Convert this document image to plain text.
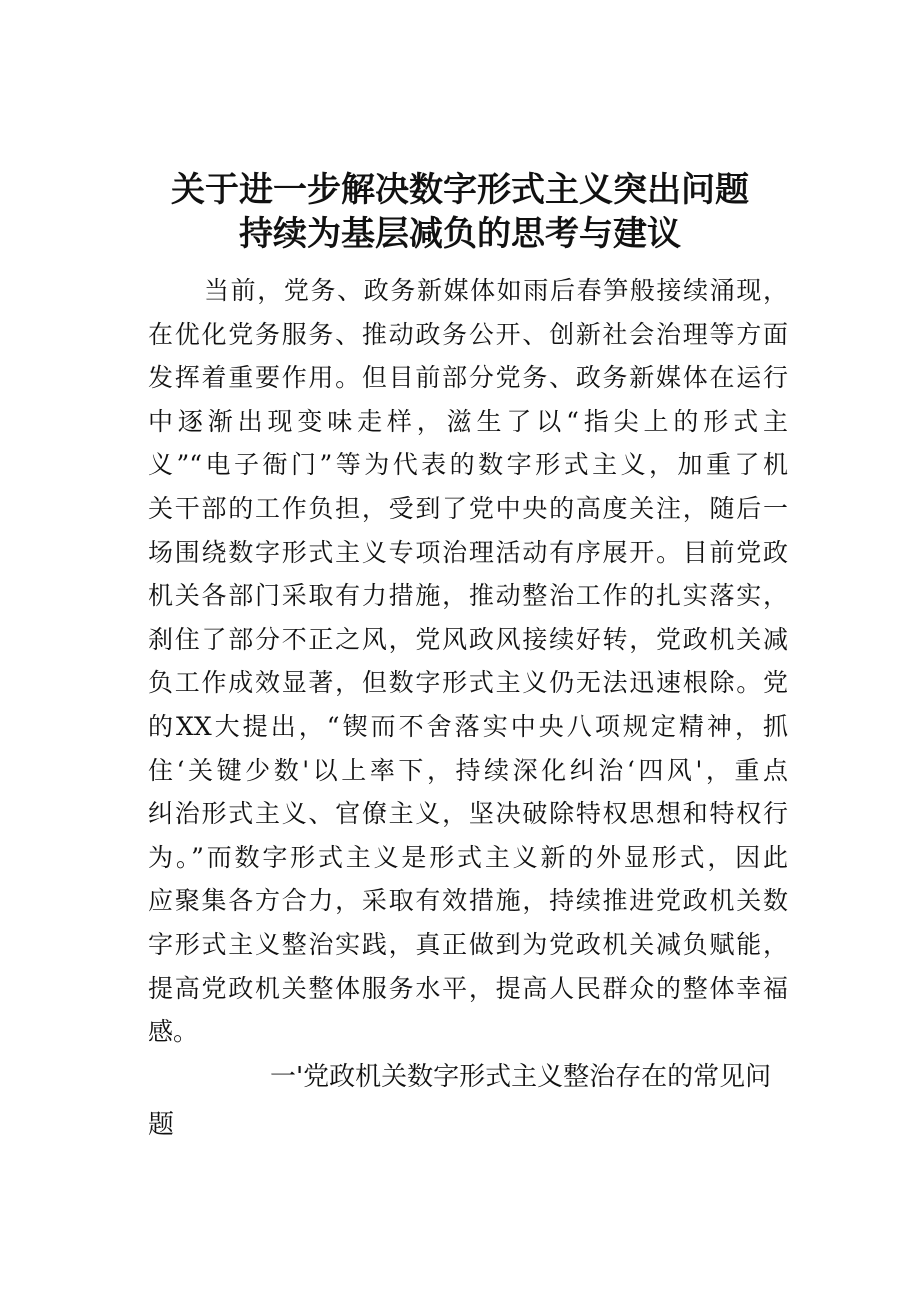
关于进一步解决数字形式主义突出问题
持续为基层减负的思考与建议
当前，党务、政务新媒体如雨后春笋般接续涌现，
在优化党务服务、推动政务公开、创新社会治理等方面
发挥着重要作用。但目前部分党务、政务新媒体在运行
中逐渐出现变味走样，滋生了以“指尖上的形式主
义”“电子衙门”等为代表的数字形式主义，加重了机
关干部的工作负担，受到了党中央的高度关注，随后一
场围绕数字形式主义专项治理活动有序展开。目前党政
机关各部门采取有力措施，推动整治工作的扎实落实，
刹住了部分不正之风，党风政风接续好转，党政机关减
负工作成效显著，但数字形式主义仍无法迅速根除。党
的XX大提出，“锲而不舍落实中央八项规定精神，抓
住‘关键少数'以上率下，持续深化纠治‘四风'，重点
纠治形式主义、官僚主义，坚决破除特权思想和特权行
为。”而数字形式主义是形式主义新的外显形式，因此
应聚集各方合力，采取有效措施，持续推进党政机关数
字形式主义整治实践，真正做到为党政机关减负赋能，
提高党政机关整体服务水平，提高人民群众的整体幸福
感。
一'党政机关数字形式主义整治存在的常见问
题
